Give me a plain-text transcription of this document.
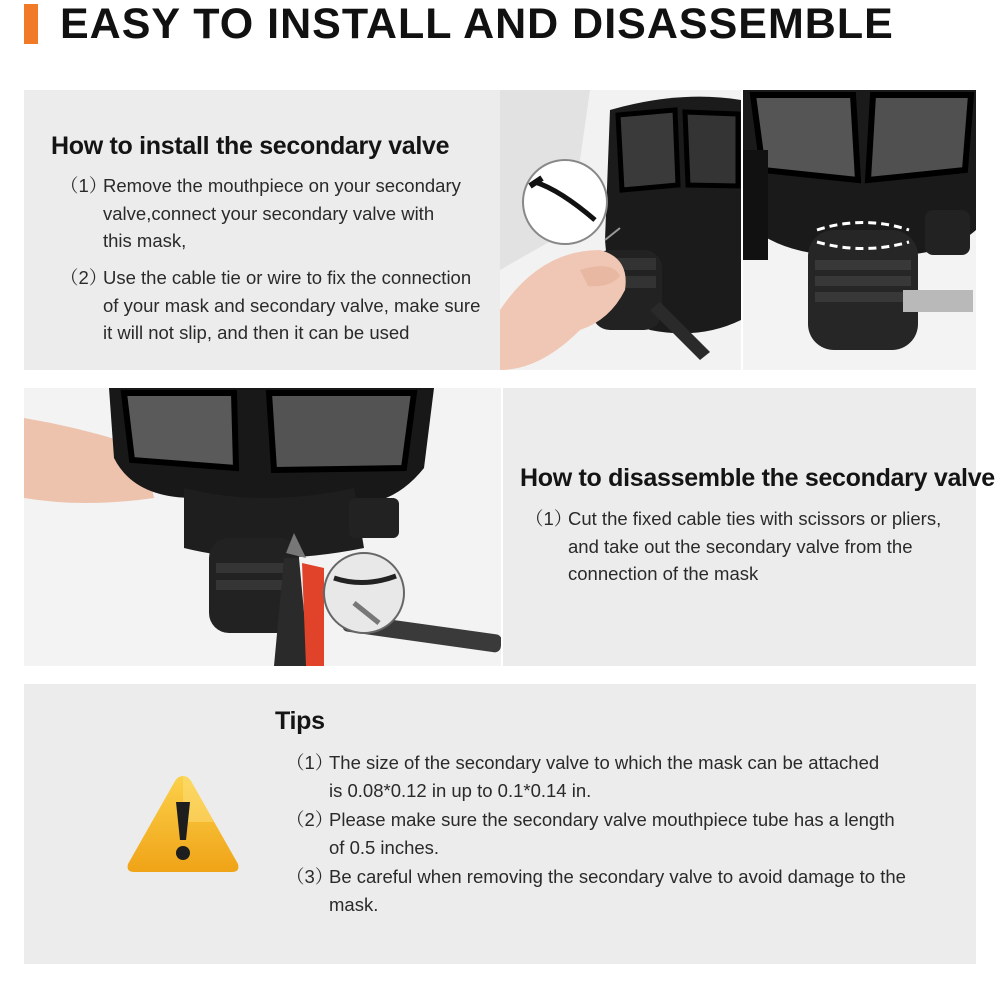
EASY TO INSTALL AND DISASSEMBLE
How to install the secondary valve
（1）
Remove the mouthpiece on your secondary
valve,connect your secondary valve with
this mask,
（2）
Use the cable tie or wire to fix the connection
of your mask and secondary valve, make sure
it will not slip, and then it can be used
How to disassemble the secondary valve
（1）
Cut the fixed cable ties with scissors or pliers,
and take out the secondary valve from the
connection of the mask
Tips
（1）
The size of the secondary valve to which the mask can be attached
is 0.08*0.12 in up to 0.1*0.14 in.
（2）
Please make sure the secondary valve mouthpiece tube has a length
of 0.5 inches.
（3）
Be careful when removing the secondary valve to avoid damage to the
mask.
